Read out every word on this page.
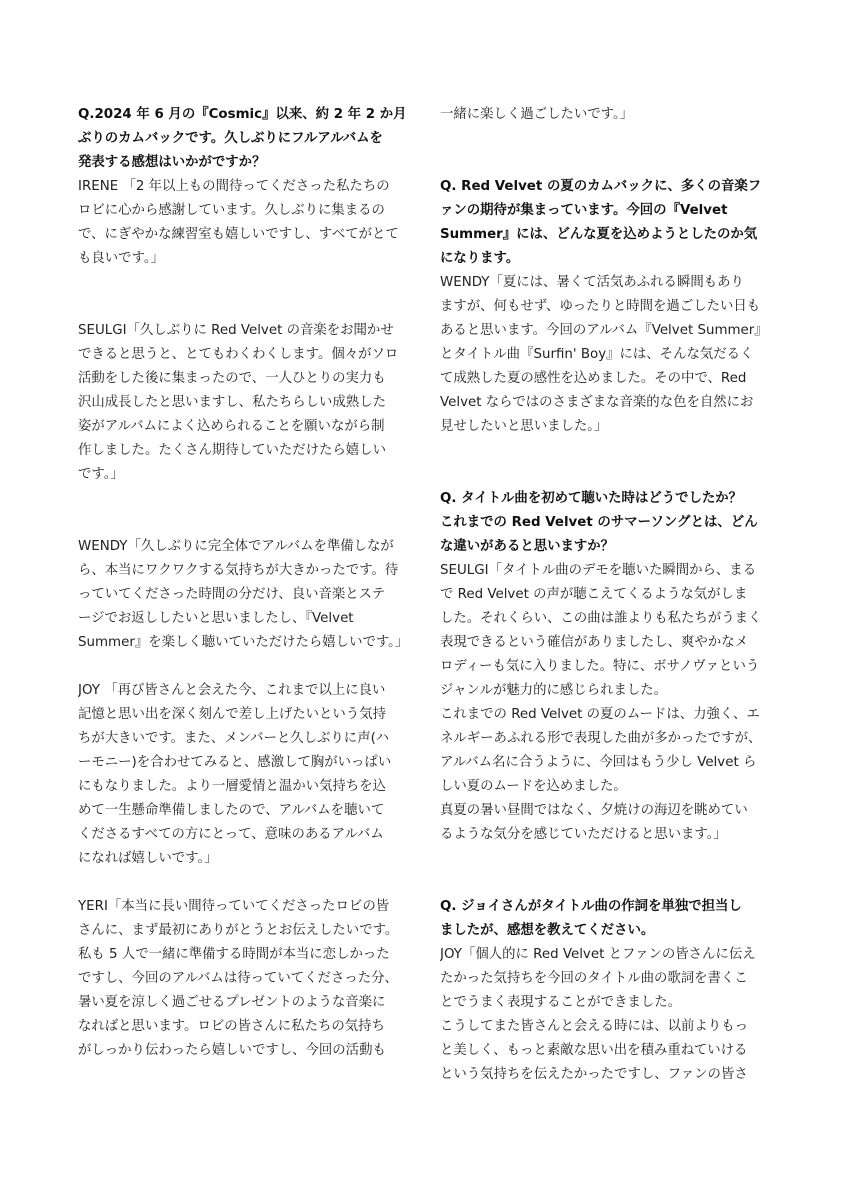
Q.2024 年 6 月の『Cosmic』以来、約 2 年 2 か月
ぶりのカムバックです。久しぶりにフルアルバムを
発表する感想はいかがですか？
IRENE 「2 年以上もの間待ってくださった私たちの
ロビに心から感謝しています。久しぶりに集まるの
で、にぎやかな練習室も嬉しいですし、すべてがとて
も良いです。」
SEULGI「久しぶりに Red Velvet の音楽をお聞かせ
できると思うと、とてもわくわくします。個々がソロ
活動をした後に集まったので、一人ひとりの実力も
沢山成長したと思いますし、私たちらしい成熟した
姿がアルバムによく込められることを願いながら制
作しました。たくさん期待していただけたら嬉しい
です。」
WENDY「久しぶりに完全体でアルバムを準備しなが
ら、本当にワクワクする気持ちが大きかったです。待
っていてくださった時間の分だけ、良い音楽とステ
ージでお返ししたいと思いましたし、『Velvet
Summer』を楽しく聴いていただけたら嬉しいです。」
JOY 「再び皆さんと会えた今、これまで以上に良い
記憶と思い出を深く刻んで差し上げたいという気持
ちが大きいです。また、メンバーと久しぶりに声(ハ
ーモニー)を合わせてみると、感激して胸がいっぱい
にもなりました。より一層愛情と温かい気持ちを込
めて一生懸命準備しましたので、アルバムを聴いて
くださるすべての方にとって、意味のあるアルバム
になれば嬉しいです。」
YERI「本当に長い間待っていてくださったロビの皆
さんに、まず最初にありがとうとお伝えしたいです。
私も 5 人で一緒に準備する時間が本当に恋しかった
ですし、今回のアルバムは待っていてくださった分、
暑い夏を涼しく過ごせるプレゼントのような音楽に
なればと思います。ロビの皆さんに私たちの気持ち
がしっかり伝わったら嬉しいですし、今回の活動も
一緒に楽しく過ごしたいです。」
Q. Red Velvet の夏のカムバックに、多くの音楽フ
ァンの期待が集まっています。今回の『Velvet
Summer』には、どんな夏を込めようとしたのか気
になります。
WENDY「夏には、暑くて活気あふれる瞬間もあり
ますが、何もせず、ゆったりと時間を過ごしたい日も
あると思います。今回のアルバム『Velvet Summer』
とタイトル曲『Surfin' Boy』には、そんな気だるく
て成熟した夏の感性を込めました。その中で、Red
Velvet ならではのさまざまな音楽的な色を自然にお
見せしたいと思いました。」
Q. タイトル曲を初めて聴いた時はどうでしたか？
これまでの Red Velvet のサマーソングとは、どん
な違いがあると思いますか？
SEULGI「タイトル曲のデモを聴いた瞬間から、まる
で Red Velvet の声が聴こえてくるような気がしま
した。それくらい、この曲は誰よりも私たちがうまく
表現できるという確信がありましたし、爽やかなメ
ロディーも気に入りました。特に、ボサノヴァという
ジャンルが魅力的に感じられました。
これまでの Red Velvet の夏のムードは、力強く、エ
ネルギーあふれる形で表現した曲が多かったですが、
アルバム名に合うように、今回はもう少し Velvet ら
しい夏のムードを込めました。
真夏の暑い昼間ではなく、夕焼けの海辺を眺めてい
るような気分を感じていただけると思います。」
Q. ジョイさんがタイトル曲の作詞を単独で担当し
ましたが、感想を教えてください。
JOY「個人的に Red Velvet とファンの皆さんに伝え
たかった気持ちを今回のタイトル曲の歌詞を書くこ
とでうまく表現することができました。
こうしてまた皆さんと会える時には、以前よりもっ
と美しく、もっと素敵な思い出を積み重ねていける
という気持ちを伝えたかったですし、ファンの皆さ
